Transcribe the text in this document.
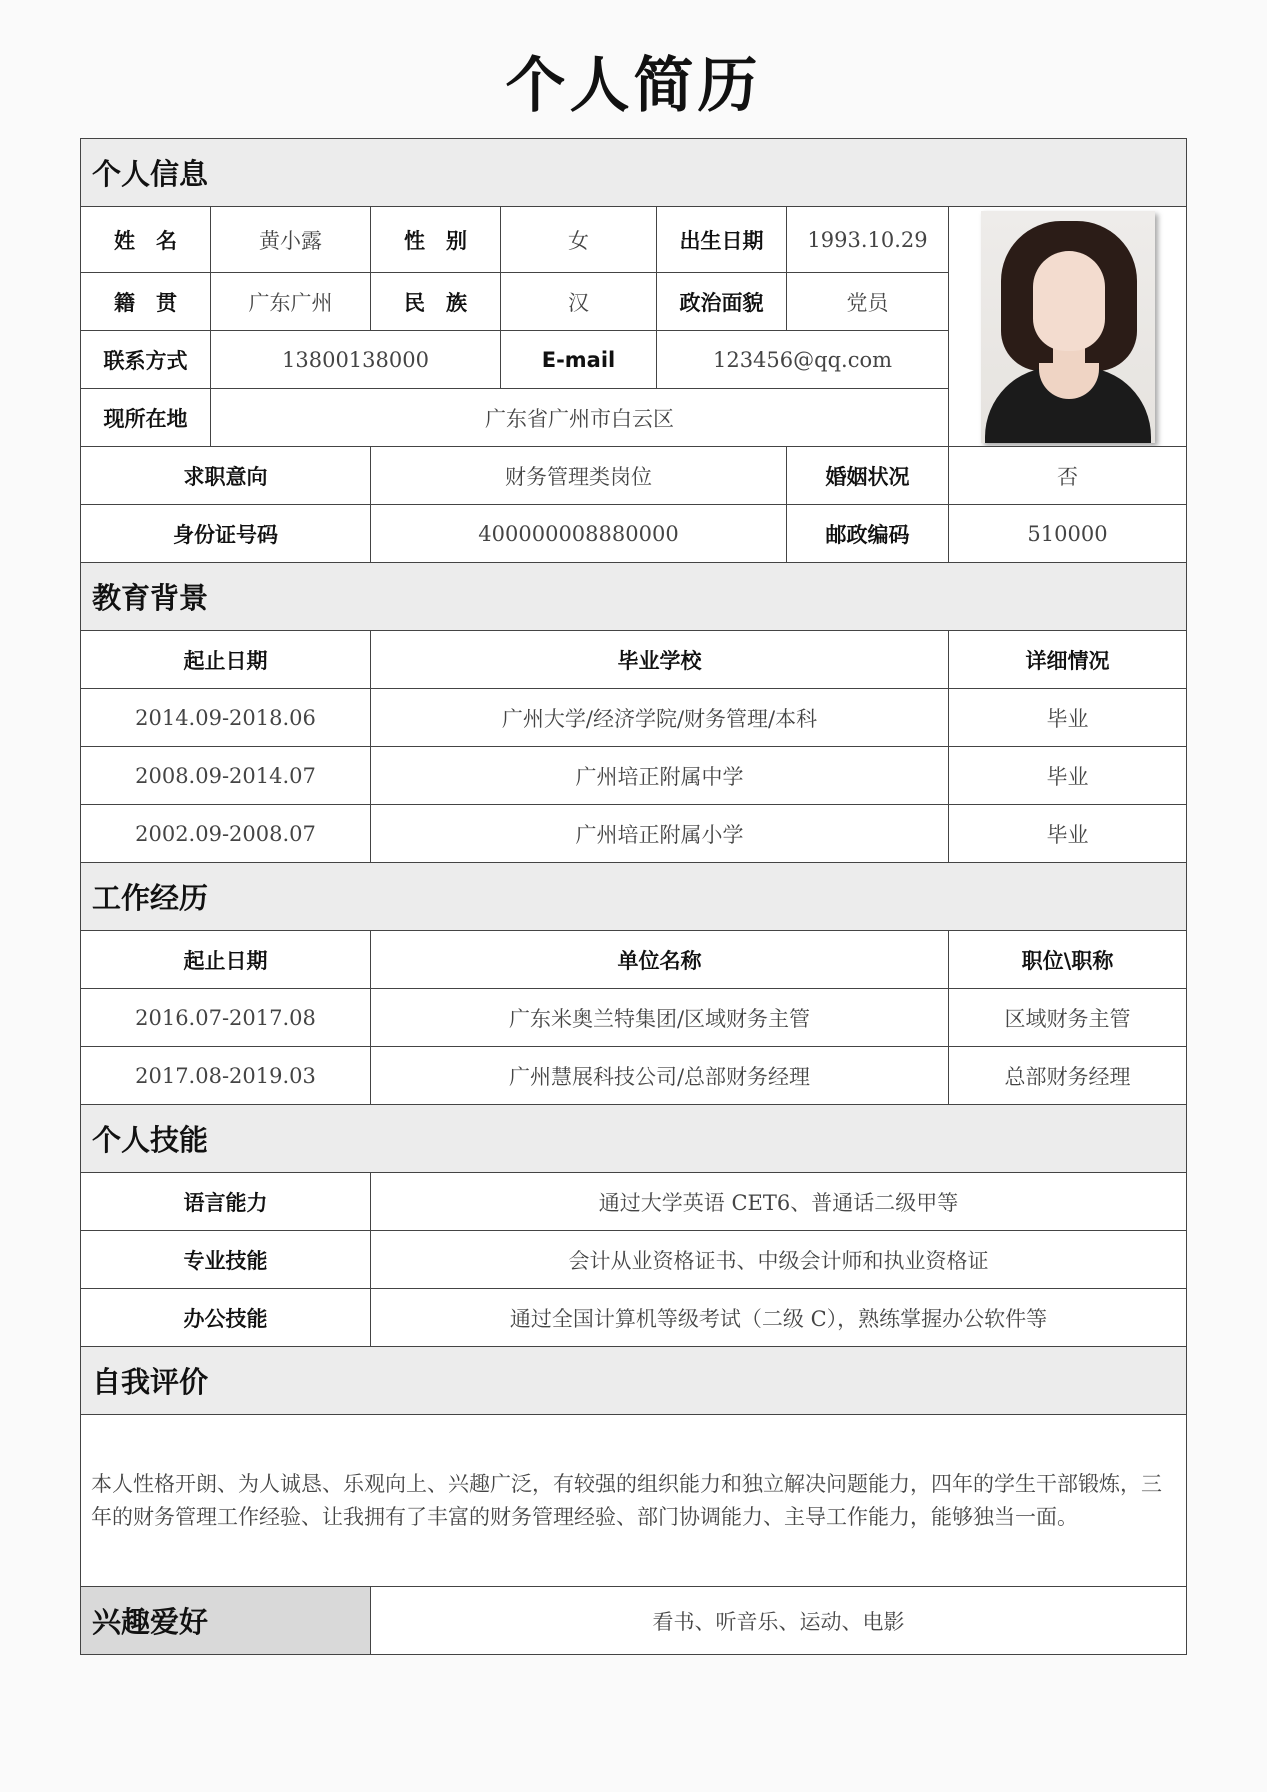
个人简历
个人信息						
姓　名	黄小露	性　别	女	出生日期	1993.10.29	

籍　贯	广东广州	民　族	汉	政治面貌	党员	
联系方式	13800138000		E-mail	123456@qq.com		
现所在地	广东省广州市白云区					
求职意向		财务管理类岗位			婚姻状况	否
身份证号码		400000008880000			邮政编码	510000
教育背景						
起止日期		毕业学校				详细情况
2014.09-2018.06		广州大学/经济学院/财务管理/本科				毕业
2008.09-2014.07		广州培正附属中学				毕业
2002.09-2008.07		广州培正附属小学				毕业
工作经历						
起止日期		单位名称				职位\职称
2016.07-2017.08		广东米奥兰特集团/区域财务主管				区域财务主管
2017.08-2019.03		广州慧展科技公司/总部财务经理				总部财务经理
个人技能						
语言能力		通过大学英语 CET6、普通话二级甲等				
专业技能		会计从业资格证书、中级会计师和执业资格证				
办公技能		通过全国计算机等级考试（二级 C），熟练掌握办公软件等				
自我评价						
本人性格开朗、为人诚恳、乐观向上、兴趣广泛，有较强的组织能力和独立解决问题能力，四年的学生干部锻炼，三年的财务管理工作经验、让我拥有了丰富的财务管理经验、部门协调能力、主导工作能力，能够独当一面。						
兴趣爱好		看书、听音乐、运动、电影				
